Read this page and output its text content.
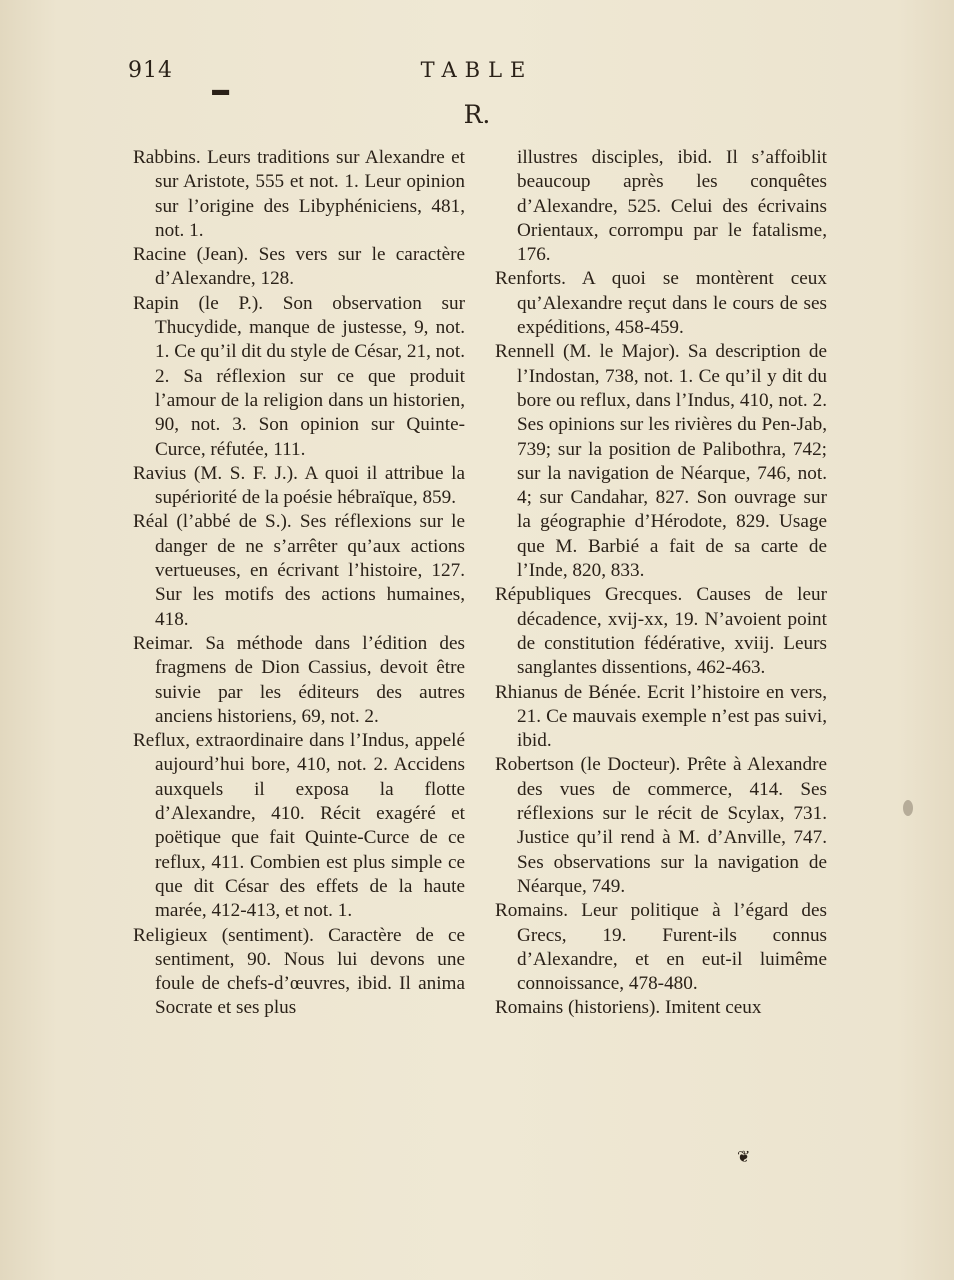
914	TABLE
R.
▬

Rabbins. Leurs traditions sur Alexandre et sur Aristote, 555 et not. 1. Leur opinion sur l’origine des Libyphéniciens, 481, not. 1.

Racine (Jean). Ses vers sur le caractère d’Alexandre, 128.

Rapin (le P.). Son observation sur Thucydide, manque de justesse, 9, not. 1. Ce qu’il dit du style de César, 21, not. 2. Sa réflexion sur ce que produit l’amour de la religion dans un historien, 90, not. 3. Son opinion sur Quinte-Curce, réfutée, 111.

Ravius (M. S. F. J.). A quoi il attribue la supériorité de la poésie hébraïque, 859.

Réal (l’abbé de S.). Ses réflexions sur le danger de ne s’arrêter qu’aux actions vertueuses, en écrivant l’histoire, 127. Sur les motifs des actions humaines, 418.

Reimar. Sa méthode dans l’édition des fragmens de Dion Cassius, devoit être suivie par les éditeurs des autres anciens historiens, 69, not. 2.

Reflux, extraordinaire dans l’Indus, appelé aujourd’hui bore, 410, not. 2. Accidens auxquels il exposa la flotte d’Alexandre, 410. Récit exagéré et poëtique que fait Quinte-Curce de ce reflux, 411. Combien est plus simple ce que dit César des effets de la haute marée, 412-413, et not. 1.

Religieux (sentiment). Caractère de ce sentiment, 90. Nous lui devons une foule de chefs-d’œuvres, ibid. Il anima Socrate et ses plus

illustres disciples, ibid. Il s’affoiblit beaucoup après les conquêtes d’Alexandre, 525. Celui des écrivains Orientaux, corrompu par le fatalisme, 176.

Renforts. A quoi se montèrent ceux qu’Alexandre reçut dans le cours de ses expéditions, 458-459.

Rennell (M. le Major). Sa description de l’Indostan, 738, not. 1. Ce qu’il y dit du bore ou reflux, dans l’Indus, 410, not. 2. Ses opinions sur les rivières du Pen-Jab, 739; sur la position de Palibothra, 742; sur la navigation de Néarque, 746, not. 4; sur Candahar, 827. Son ouvrage sur la géographie d’Hérodote, 829. Usage que M. Barbié a fait de sa carte de l’Inde, 820, 833.

Républiques Grecques. Causes de leur décadence, xvij-xx, 19. N’avoient point de constitution fédérative, xviij. Leurs sanglantes dissentions, 462-463.

Rhianus de Bénée. Ecrit l’histoire en vers, 21. Ce mauvais exemple n’est pas suivi, ibid.

Robertson (le Docteur). Prête à Alexandre des vues de commerce, 414. Ses réflexions sur le récit de Scylax, 731. Justice qu’il rend à M. d’Anville, 747. Ses observations sur la navigation de Néarque, 749.

Romains. Leur politique à l’égard des Grecs, 19. Furent-ils connus d’Alexandre, et en eut-il luimême connoissance, 478-480.

Romains (historiens). Imitent ceux

❦
